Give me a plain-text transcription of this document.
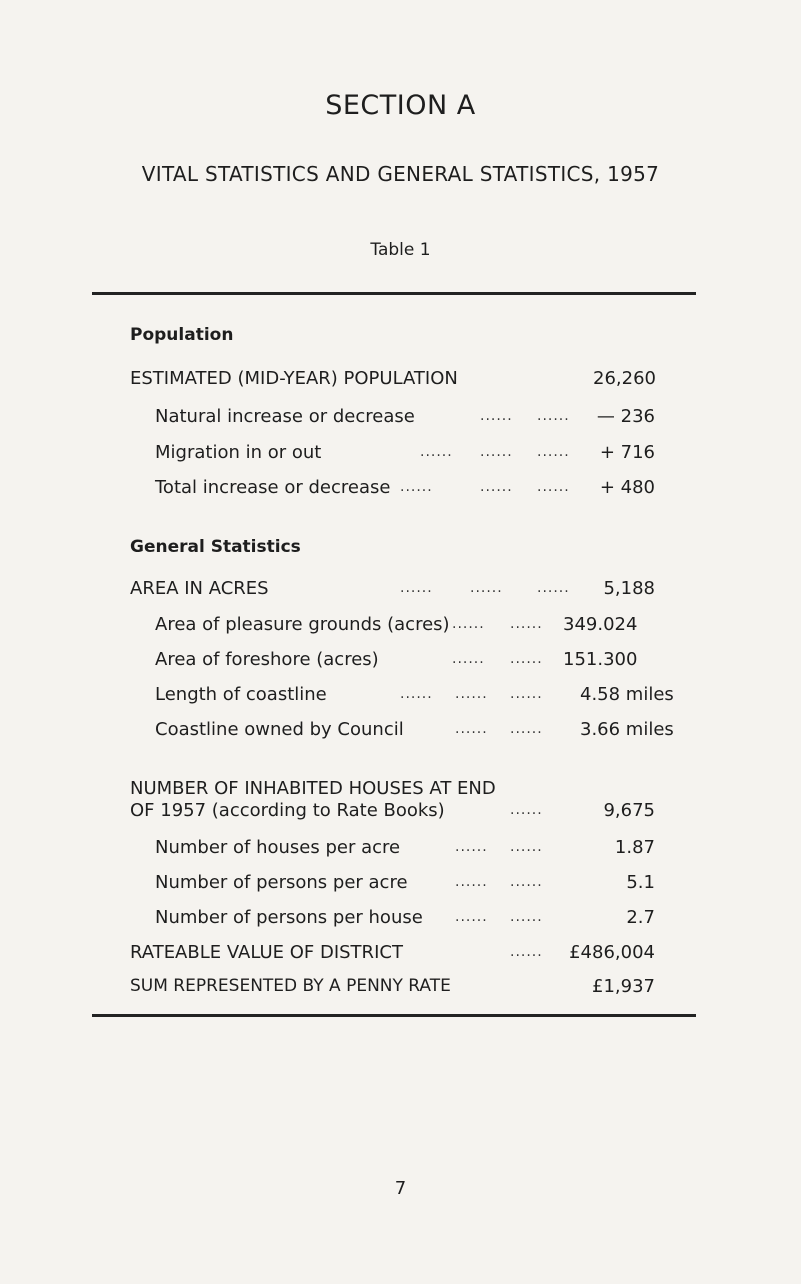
SECTION A
VITAL STATISTICS AND GENERAL STATISTICS, 1957
Table 1
Population
ESTIMATED (MID-YEAR) POPULATION	26,260
Natural increase or decrease	...... ......	— 236
Migration in or out	...... ...... ......	+ 716
Total increase or decrease ......	...... ......	+ 480
General Statistics
AREA IN ACRES	......	...... ......	5,188
Area of pleasure grounds (acres) ...... ...... 349.024
Area of foreshore (acres)	...... ...... 151.300
Length of coastline	...... ...... ...... 4.58 miles
Coastline owned by Council	...... ...... 3.66 miles
NUMBER OF INHABITED HOUSES AT END
OF 1957 (according to Rate Books)	......	9,675
Number of houses per acre	...... ......	1.87
Number of persons per acre	...... ......	5.1
Number of persons per house ...... ......	2.7
RATEABLE VALUE OF DISTRICT	......	£486,004
SUM REPRESENTED BY A PENNY RATE	£1,937
7
